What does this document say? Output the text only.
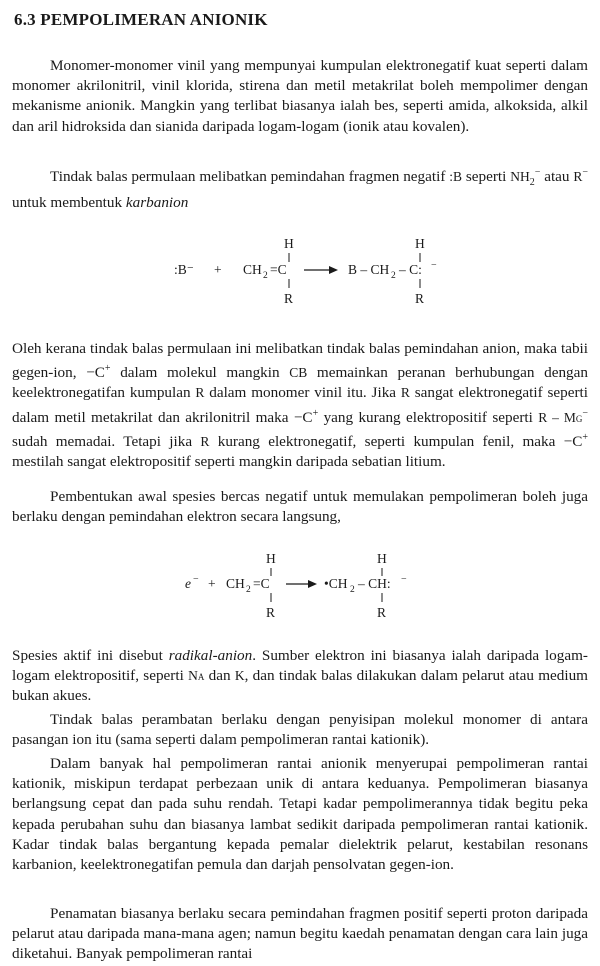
6.3 PEMPOLIMERAN ANIONIK

Monomer-monomer vinil yang mempunyai kumpulan elektronegatif kuat seperti dalam monomer akrilonitril, vinil klorida, stirena dan metil metakrilat boleh mempolimer dengan mekanisme anionik. Mangkin yang terlibat biasanya ialah bes, seperti amida, alkoksida, alkil dan aril hidroksida dan sianida daripada logam-logam (ionik atau kovalen).

Tindak balas permulaan melibatkan pemindahan fragmen negatif :B seperti $NH_2^-$ atau R− untuk membentuk karbanion

:B⁻ + CH 2 =C
H
R
B – CH 2 – C: −
H
R

Oleh kerana tindak balas permulaan ini melibatkan tindak balas pemindahan anion, maka tabii gegen-ion, −C+ dalam molekul mangkin CB memainkan peranan berhubungan dengan keelektronegatifan kumpulan R dalam monomer vinil itu. Jika R sangat elektronegatif seperti dalam metil metakrilat dan akrilonitril maka −C+ yang kurang elektropositif seperti R – Mg− sudah memadai. Tetapi jika R kurang elektronegatif, seperti kumpulan fenil, maka −C+ mestilah sangat elektropositif seperti mangkin daripada sebatian litium.

Pembentukan awal spesies bercas negatif untuk memulakan pempolimeran boleh juga berlaku dengan pemindahan elektron secara langsung,

e − + CH 2 =C
H
R
•CH 2 – CH: −
H
R

Spesies aktif ini disebut radikal-anion. Sumber elektron ini biasanya ialah daripada logam-logam elektropositif, seperti Na dan K, dan tindak balas dilakukan dalam pelarut atau medium bukan akues.

Tindak balas perambatan berlaku dengan penyisipan molekul monomer di antara pasangan ion itu (sama seperti dalam pempolimeran rantai kationik).

Dalam banyak hal pempolimeran rantai anionik menyerupai pempolimeran rantai kationik, miskipun terdapat perbezaan unik di antara keduanya. Pempolimeran biasanya berlangsung cepat dan pada suhu rendah. Tetapi kadar pempolimerannya tidak begitu peka kepada perubahan suhu dan biasanya lambat sedikit daripada pempolimeran rantai kationik. Kadar tindak balas bergantung kepada pemalar dielektrik pelarut, kestabilan resonans karbanion, keelektronegatifan pemula dan darjah pensolvatan gegen-ion.

Penamatan biasanya berlaku secara pemindahan fragmen positif seperti proton daripada pelarut atau daripada mana-mana agen; namun begitu kaedah penamatan dengan cara lain juga diketahui. Banyak pempolimeran rantai
